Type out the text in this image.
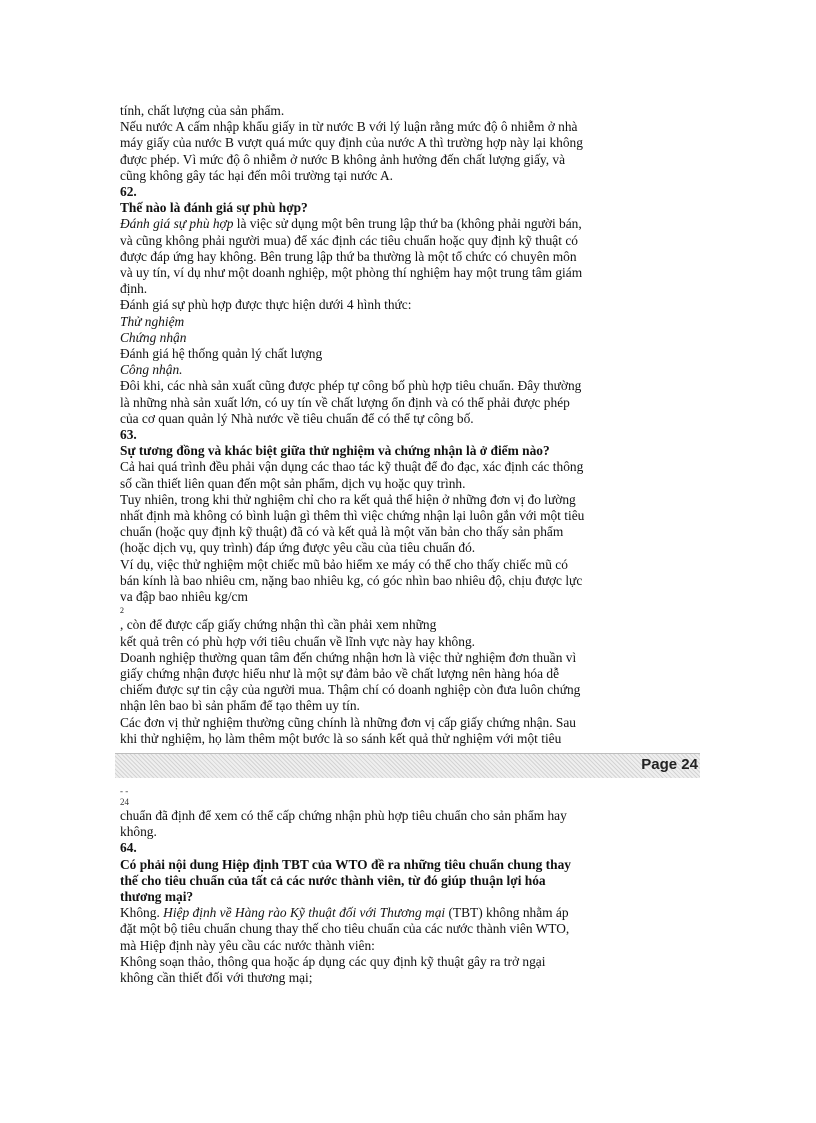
tính, chất lượng của sản phẩm.

Nếu nước A cấm nhập khẩu giấy in từ nước B với lý luận rằng mức độ ô nhiễm ở nhà

máy giấy của nước B vượt quá mức quy định của nước A thì trường hợp này lại không

được phép. Vì mức độ ô nhiễm ở nước B không ảnh hưởng đến chất lượng giấy, và

cũng không gây tác hại đến môi trường tại nước A.

62.

Thế nào là đánh giá sự phù hợp?

Đánh giá sự phù hợp là việc sử dụng một bên trung lập thứ ba (không phải người bán,

và cũng không phải người mua) để xác định các tiêu chuẩn hoặc quy định kỹ thuật có

được đáp ứng hay không. Bên trung lập thứ ba thường là một tổ chức có chuyên môn

và uy tín, ví dụ như một doanh nghiệp, một phòng thí nghiệm hay một trung tâm giám

định.

Đánh giá sự phù hợp được thực hiện dưới 4 hình thức:

Thử nghiệm

Chứng nhận

Đánh giá hệ thống quản lý chất lượng

Công nhận.

Đôi khi, các nhà sản xuất cũng được phép tự công bố phù hợp tiêu chuẩn. Đây thường

là những nhà sản xuất lớn, có uy tín về chất lượng ổn định và có thể phải được phép

của cơ quan quản lý Nhà nước về tiêu chuẩn để có thể tự công bố.

63.

Sự tương đồng và khác biệt giữa thử nghiệm và chứng nhận là ở điểm nào?

Cả hai quá trình đều phải vận dụng các thao tác kỹ thuật để đo đạc, xác định các thông

số cần thiết liên quan đến một sản phẩm, dịch vụ hoặc quy trình.

Tuy nhiên, trong khi thử nghiệm chỉ cho ra kết quả thể hiện ở những đơn vị đo lường

nhất định mà không có bình luận gì thêm thì việc chứng nhận lại luôn gắn với một tiêu

chuẩn (hoặc quy định kỹ thuật) đã có và kết quả là một văn bản cho thấy sản phẩm

(hoặc dịch vụ, quy trình) đáp ứng được yêu cầu của tiêu chuẩn đó.

Ví dụ, việc thử nghiệm một chiếc mũ bảo hiểm xe máy có thể cho thấy chiếc mũ có

bán kính là bao nhiêu cm, nặng bao nhiêu kg, có góc nhìn bao nhiêu độ, chịu được lực

va đập bao nhiêu kg/cm

2

, còn để được cấp giấy chứng nhận thì cần phải xem những

kết quả trên có phù hợp với tiêu chuẩn về lĩnh vực này hay không.

Doanh nghiệp thường quan tâm đến chứng nhận hơn là việc thử nghiệm đơn thuần vì

giấy chứng nhận được hiểu như là một sự đảm bảo về chất lượng nên hàng hóa dễ

chiếm được sự tin cậy của người mua. Thậm chí có doanh nghiệp còn đưa luôn chứng

nhận lên bao bì sản phẩm để tạo thêm uy tín.

Các đơn vị thử nghiệm thường cũng chính là những đơn vị cấp giấy chứng nhận. Sau

khi thử nghiệm, họ làm thêm một bước là so sánh kết quả thử nghiệm với một tiêu

Page 24
- -
24

chuẩn đã định để xem có thể cấp chứng nhận phù hợp tiêu chuẩn cho sản phẩm hay

không.

64.

Có phải nội dung Hiệp định TBT của WTO đề ra những tiêu chuẩn chung thay

thế cho tiêu chuẩn của tất cả các nước thành viên, từ đó giúp thuận lợi hóa

thương mại?

Không. Hiệp định về Hàng rào Kỹ thuật đối với Thương mại (TBT) không nhằm áp

đặt một bộ tiêu chuẩn chung thay thế cho tiêu chuẩn của các nước thành viên WTO,

mà Hiệp định này yêu cầu các nước thành viên:

Không soạn thảo, thông qua hoặc áp dụng các quy định kỹ thuật gây ra trở ngại

không cần thiết đối với thương mại;
